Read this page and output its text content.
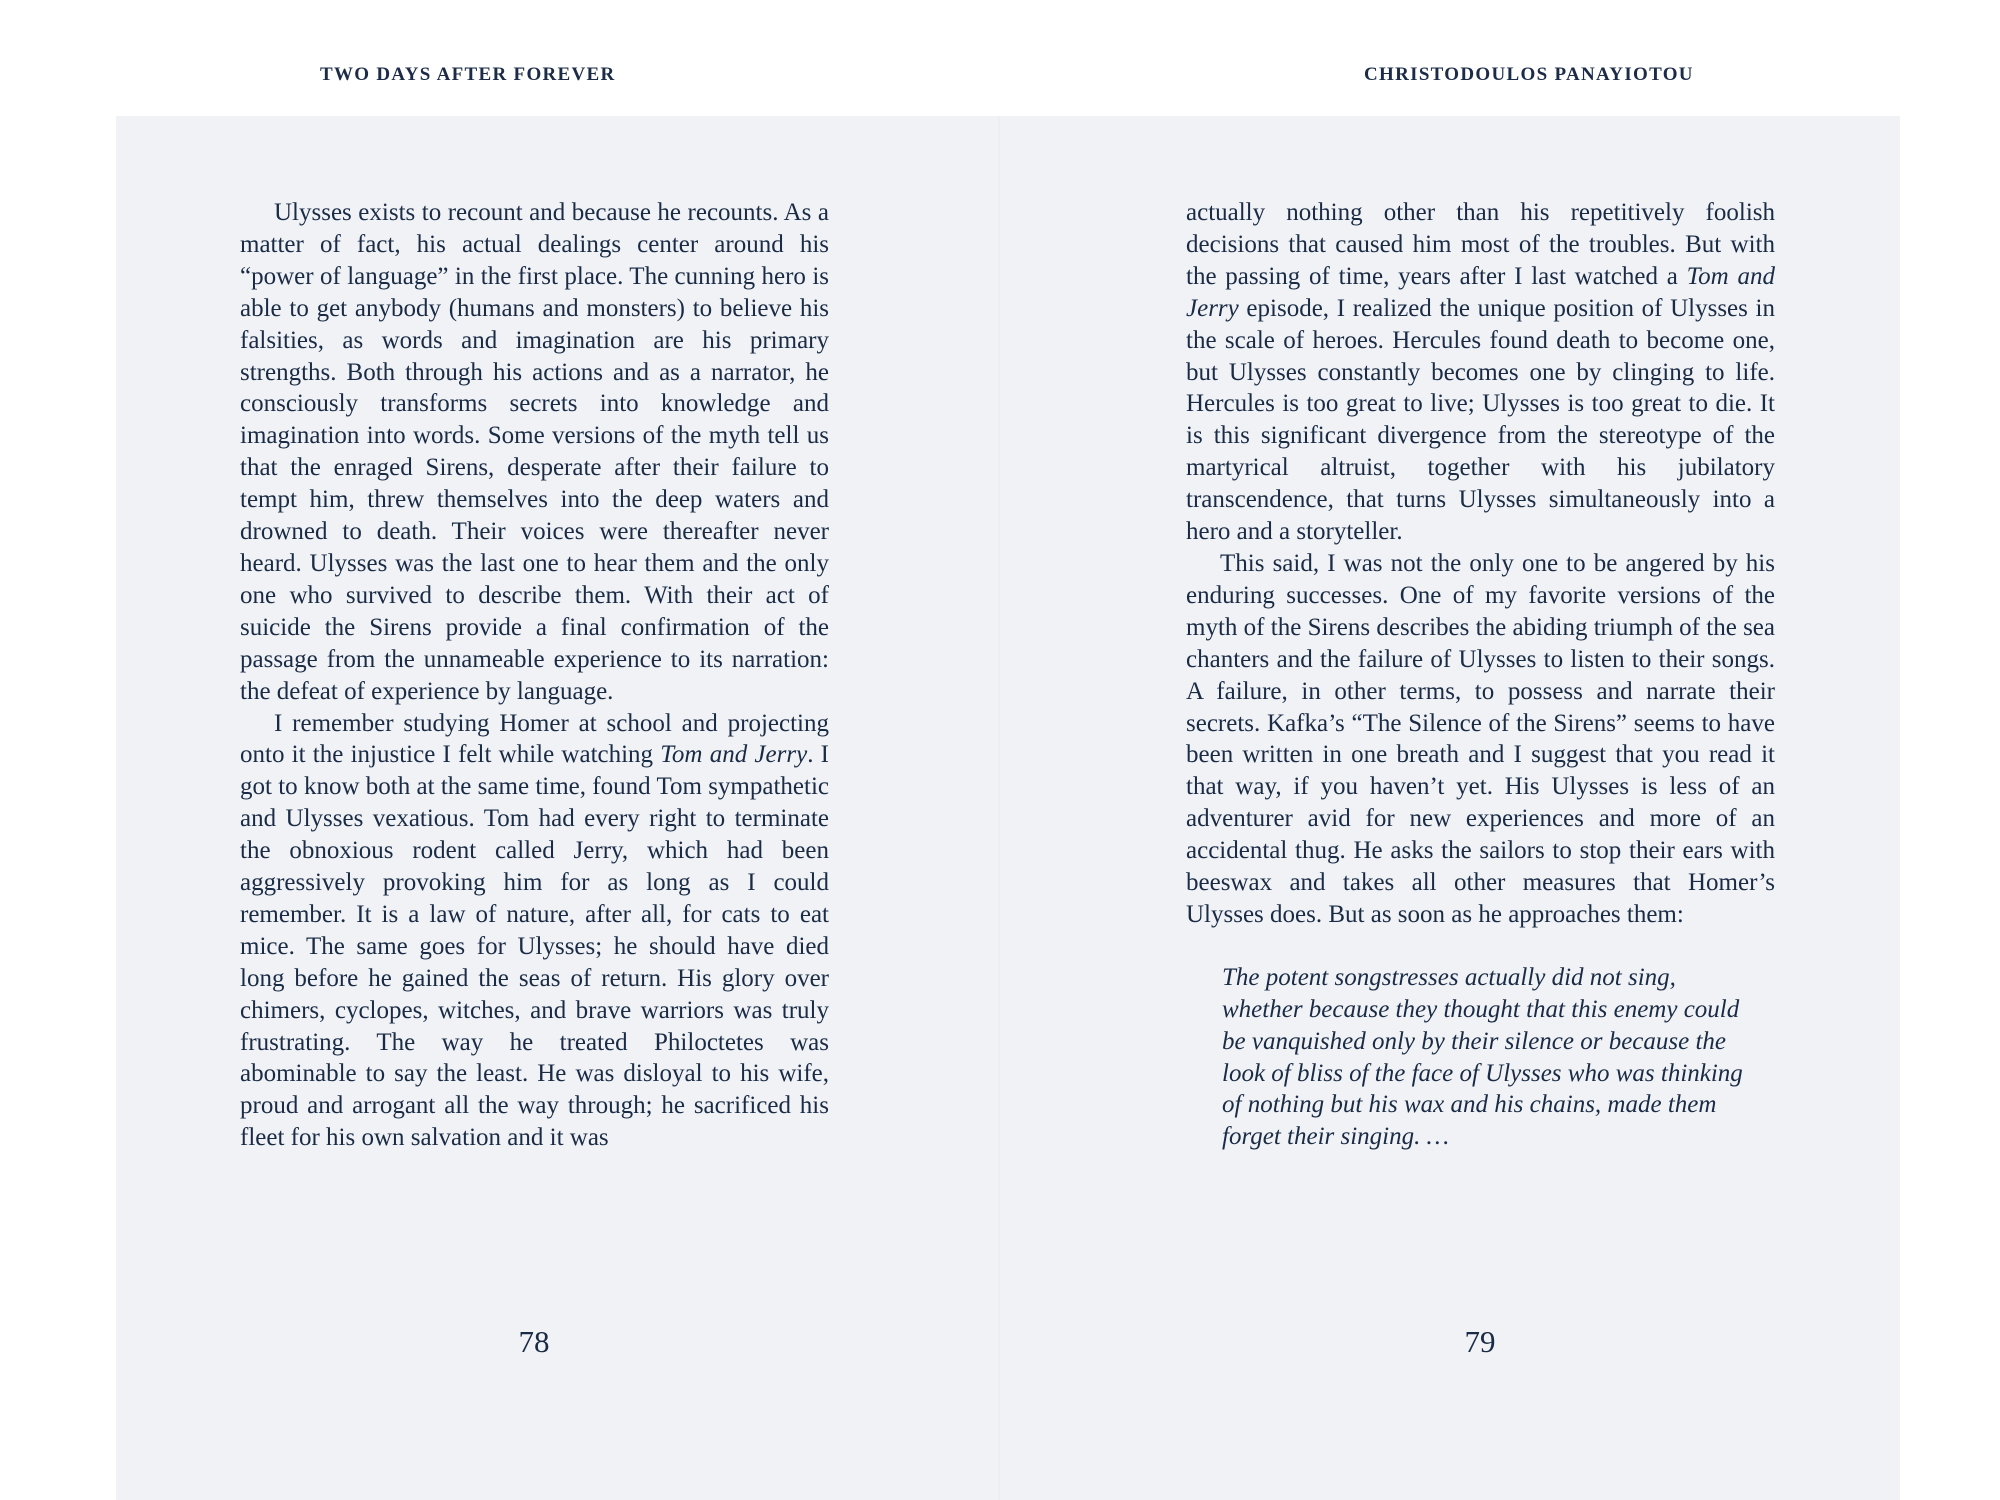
TWO DAYS AFTER FOREVER	CHRISTODOULOS PANAYIOTOU

Ulysses exists to recount and because he recounts. As a matter of fact, his actual dealings center around his “power of language” in the first place. The cunning hero is able to get anybody (humans and monsters) to believe his falsities, as words and imagination are his primary strengths. Both through his actions and as a narrator, he consciously transforms secrets into knowledge and imagination into words. Some versions of the myth tell us that the enraged Sirens, desperate after their failure to tempt him, threw themselves into the deep waters and drowned to death. Their voices were thereafter never heard. Ulysses was the last one to hear them and the only one who survived to describe them. With their act of suicide the Sirens provide a final confirmation of the passage from the unnameable experience to its narration: the defeat of experience by language.

I remember studying Homer at school and projecting onto it the injustice I felt while watching Tom and Jerry. I got to know both at the same time, found Tom sympathetic and Ulysses vexatious. Tom had every right to terminate the obnoxious rodent called Jerry, which had been aggressively provoking him for as long as I could remember. It is a law of nature, after all, for cats to eat mice. The same goes for Ulysses; he should have died long before he gained the seas of return. His glory over chimers, cyclopes, witches, and brave warriors was truly frustrating. The way he treated Philoctetes was abominable to say the least. He was disloyal to his wife, proud and arrogant all the way through; he sacrificed his fleet for his own salvation and it was

actually nothing other than his repetitively foolish decisions that caused him most of the troubles. But with the passing of time, years after I last watched a Tom and Jerry episode, I realized the unique position of Ulysses in the scale of heroes. Hercules found death to become one, but Ulysses constantly becomes one by clinging to life. Hercules is too great to live; Ulysses is too great to die. It is this significant divergence from the stereotype of the martyrical altruist, together with his jubilatory transcendence, that turns Ulysses simultaneously into a hero and a storyteller.

This said, I was not the only one to be angered by his enduring successes. One of my favorite versions of the myth of the Sirens describes the abiding triumph of the sea chanters and the failure of Ulysses to listen to their songs. A failure, in other terms, to possess and narrate their secrets. Kafka’s “The Silence of the Sirens” seems to have been written in one breath and I suggest that you read it that way, if you haven’t yet. His Ulysses is less of an adventurer avid for new experiences and more of an accidental thug. He asks the sailors to stop their ears with beeswax and takes all other measures that Homer’s Ulysses does. But as soon as he approaches them:

The potent songstresses actually did not sing, whether because they thought that this enemy could be vanquished only by their silence or because the look of bliss of the face of Ulysses who was thinking of nothing but his wax and his chains, made them forget their singing. …
78	79
